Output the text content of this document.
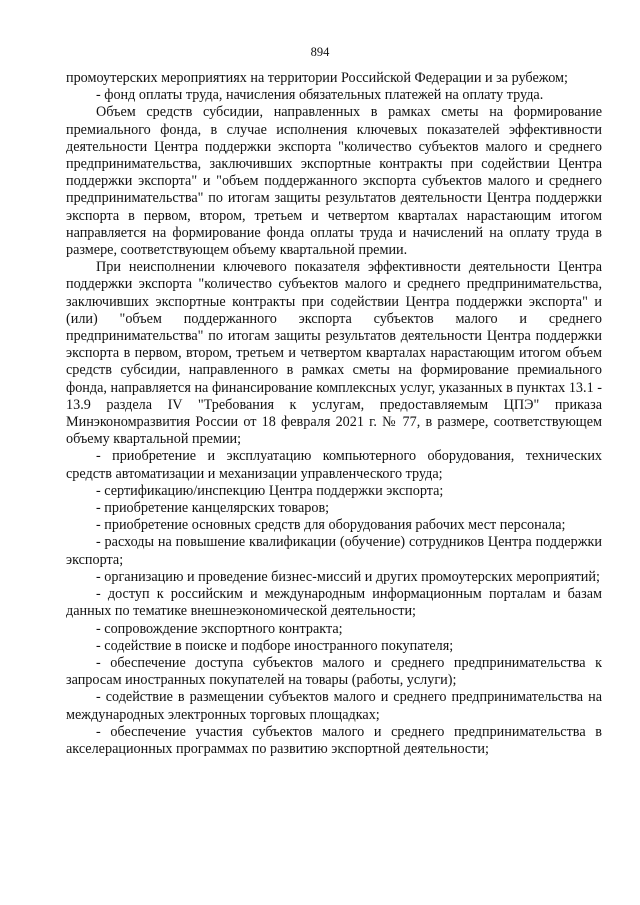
894

промоутерских мероприятиях на территории Российской Федерации и за рубежом;

- фонд оплаты труда, начисления обязательных платежей на оплату труда.

Объем средств субсидии, направленных в рамках сметы на формирование премиального фонда, в случае исполнения ключевых показателей эффективности деятельности Центра поддержки экспорта "количество субъектов малого и среднего предпринимательства, заключивших экспортные контракты при содействии Центра поддержки экспорта" и "объем поддержанного экспорта субъектов малого и среднего предпринимательства" по итогам защиты результатов деятельности Центра поддержки экспорта в первом, втором, третьем и четвертом кварталах нарастающим итогом направляется на формирование фонда оплаты труда и начислений на оплату труда в размере, соответствующем объему квартальной премии.

При неисполнении ключевого показателя эффективности деятельности Центра поддержки экспорта "количество субъектов малого и среднего предпринимательства, заключивших экспортные контракты при содействии Центра поддержки экспорта" и (или) "объем поддержанного экспорта субъектов малого и среднего предпринимательства" по итогам защиты результатов деятельности Центра поддержки экспорта в первом, втором, третьем и четвертом кварталах нарастающим итогом объем средств субсидии, направленного в рамках сметы на формирование премиального фонда, направляется на финансирование комплексных услуг, указанных в пунктах 13.1 - 13.9 раздела IV "Требования к услугам, предоставляемым ЦПЭ" приказа Минэкономразвития России от 18 февраля 2021 г. № 77, в размере, соответствующем объему квартальной премии;

- приобретение и эксплуатацию компьютерного оборудования, технических средств автоматизации и механизации управленческого труда;

- сертификацию/инспекцию Центра поддержки экспорта;

- приобретение канцелярских товаров;

- приобретение основных средств для оборудования рабочих мест персонала;

- расходы на повышение квалификации (обучение) сотрудников Центра поддержки экспорта;

- организацию и проведение бизнес-миссий и других промоутерских мероприятий;

- доступ к российским и международным информационным порталам и базам данных по тематике внешнеэкономической деятельности;

- сопровождение экспортного контракта;

- содействие в поиске и подборе иностранного покупателя;

- обеспечение доступа субъектов малого и среднего предпринимательства к запросам иностранных покупателей на товары (работы, услуги);

- содействие в размещении субъектов малого и среднего предпринимательства на международных электронных торговых площадках;

- обеспечение участия субъектов малого и среднего предпринимательства в акселерационных программах по развитию экспортной деятельности;
